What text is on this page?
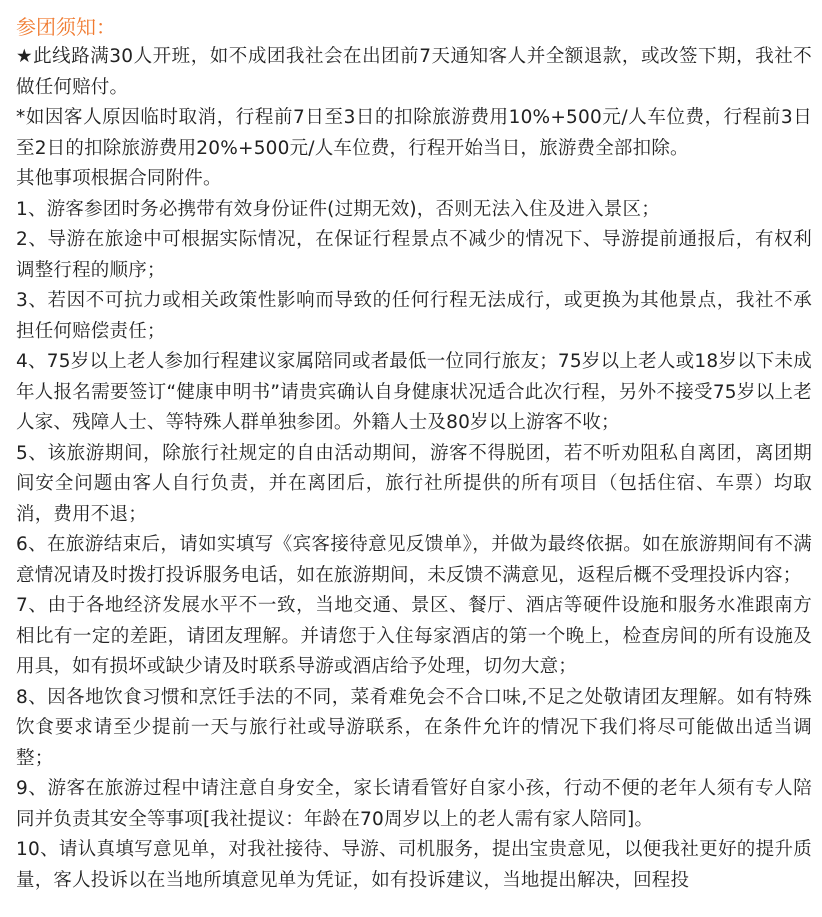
参团须知：

★此线路满30人开班，如不成团我社会在出团前7天通知客人并全额退款，或改签下期，我社不做任何赔付。

*如因客人原因临时取消，行程前7日至3日的扣除旅游费用10%+500元/人车位费，行程前3日至2日的扣除旅游费用20%+500元/人车位费，行程开始当日，旅游费全部扣除。

其他事项根据合同附件。

1、游客参团时务必携带有效身份证件(过期无效)，否则无法入住及进入景区；

2、导游在旅途中可根据实际情况，在保证行程景点不减少的情况下、导游提前通报后，有权利调整行程的顺序；

3、若因不可抗力或相关政策性影响而导致的任何行程无法成行，或更换为其他景点，我社不承担任何赔偿责任；

4、75岁以上老人参加行程建议家属陪同或者最低一位同行旅友；75岁以上老人或18岁以下未成年人报名需要签订“健康申明书”请贵宾确认自身健康状况适合此次行程，另外不接受75岁以上老人家、残障人士、等特殊人群单独参团。外籍人士及80岁以上游客不收；

5、该旅游期间，除旅行社规定的自由活动期间，游客不得脱团，若不听劝阻私自离团，离团期间安全问题由客人自行负责，并在离团后，旅行社所提供的所有项目（包括住宿、车票）均取消，费用不退；

6、在旅游结束后，请如实填写《宾客接待意见反馈单》，并做为最终依据。如在旅游期间有不满意情况请及时拨打投诉服务电话，如在旅游期间，未反馈不满意见，返程后概不受理投诉内容；

7、由于各地经济发展水平不一致，当地交通、景区、餐厅、酒店等硬件设施和服务水准跟南方相比有一定的差距，请团友理解。并请您于入住每家酒店的第一个晚上，检查房间的所有设施及用具，如有损坏或缺少请及时联系导游或酒店给予处理，切勿大意；

8、因各地饮食习惯和烹饪手法的不同，菜肴难免会不合口味,不足之处敬请团友理解。如有特殊饮食要求请至少提前一天与旅行社或导游联系，在条件允许的情况下我们将尽可能做出适当调整；

9、游客在旅游过程中请注意自身安全，家长请看管好自家小孩，行动不便的老年人须有专人陪同并负责其安全等事项[我社提议：年龄在70周岁以上的老人需有家人陪同]。

10、请认真填写意见单，对我社接待、导游、司机服务，提出宝贵意见，以便我社更好的提升质量，客人投诉以在当地所填意见单为凭证，如有投诉建议，当地提出解决，回程投
